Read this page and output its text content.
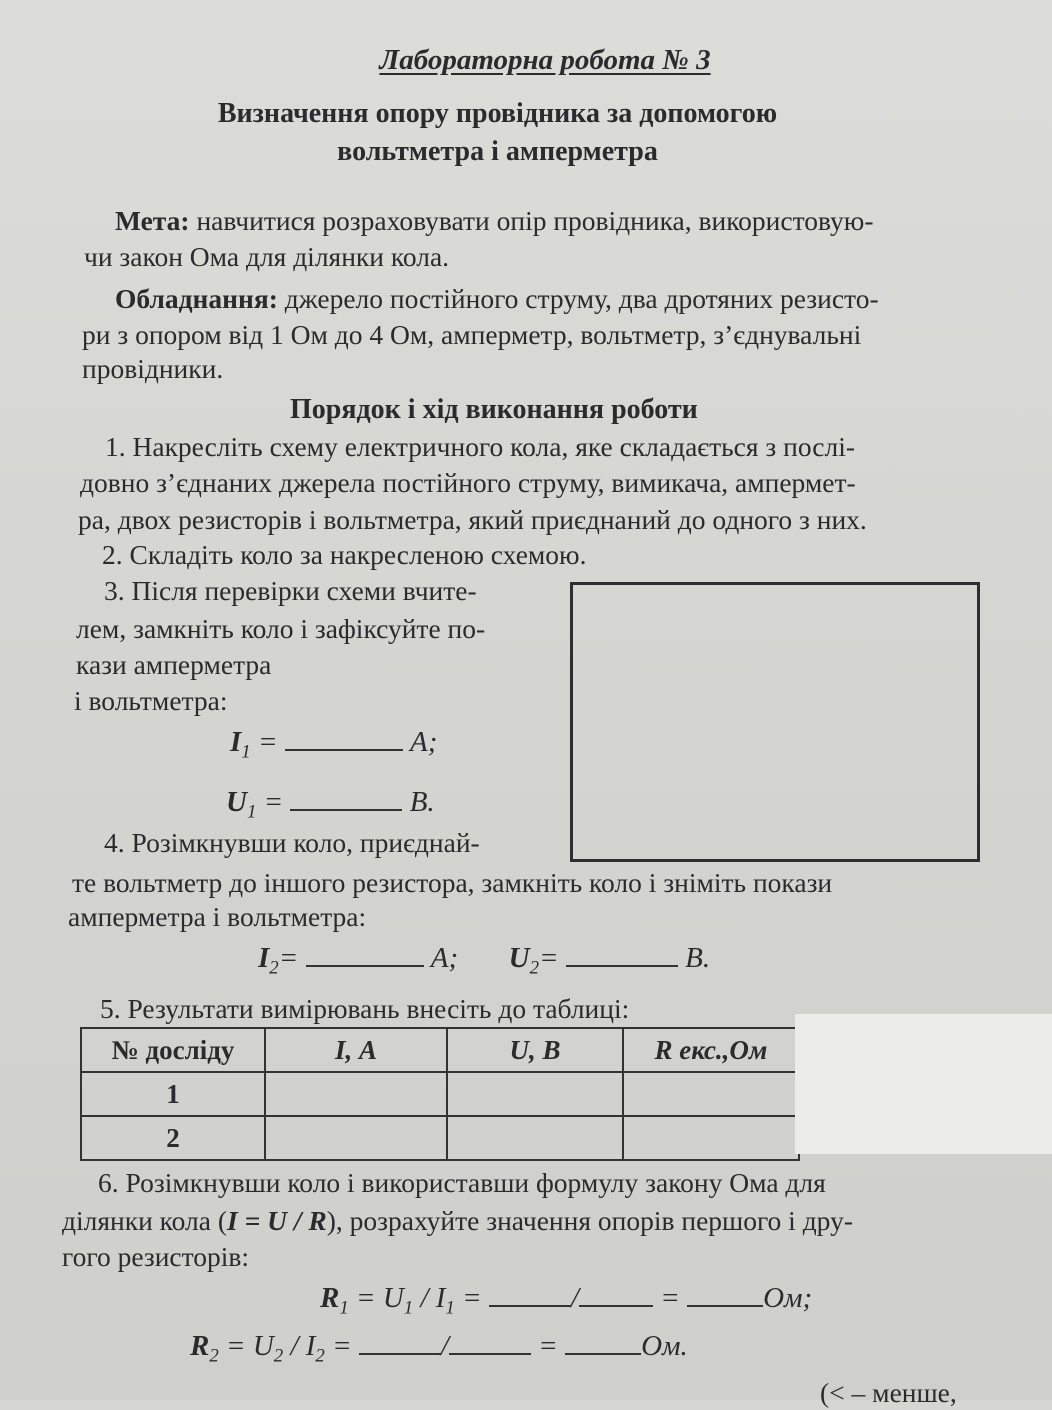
Лабораторна робота № 3
Визначення опору провідника за допомогою
вольтметра і амперметра
Мета: навчитися розраховувати опір провідника, використовую-
чи закон Ома для ділянки кола.
Обладнання: джерело постійного струму, два дротяних резисто-
ри з опором від 1 Ом до 4 Ом, амперметр, вольтметр, з’єднувальні
провідники.
Порядок і хід виконання роботи
1. Накресліть схему електричного кола, яке складається з послі-
довно з’єднаних джерела постійного струму, вимикача, ампермет-
ра, двох резисторів і вольтметра, який приєднаний до одного з них.
2. Складіть коло за накресленою схемою.
3. Після перевірки схеми вчите-
лем, замкніть коло і зафіксуйте по-
кази амперметра
і вольтметра:
$I_1$ =	А;
$U_1$ =	В.
4. Розімкнувши коло, приєднай-
те вольтметр до іншого резистора, замкніть коло і зніміть покази
амперметра і вольтметра:
$I_2=$	А; $U_2=$	В.
5. Результати вимірювань внесіть до таблиці:
№ досліду	I, А	U, В	R екс.,Ом
1			
2			
6. Розімкнувши коло і використавши формулу закону Ома для
ділянки кола (I = U / R), розрахуйте значення опорів першого і дру-
гого резисторів:
$R_1 = U_1 / I_1$ =	/	=	Ом;
$R_2 = U_2 / I_2$ =	/	=	Ом.
(< – менше,
